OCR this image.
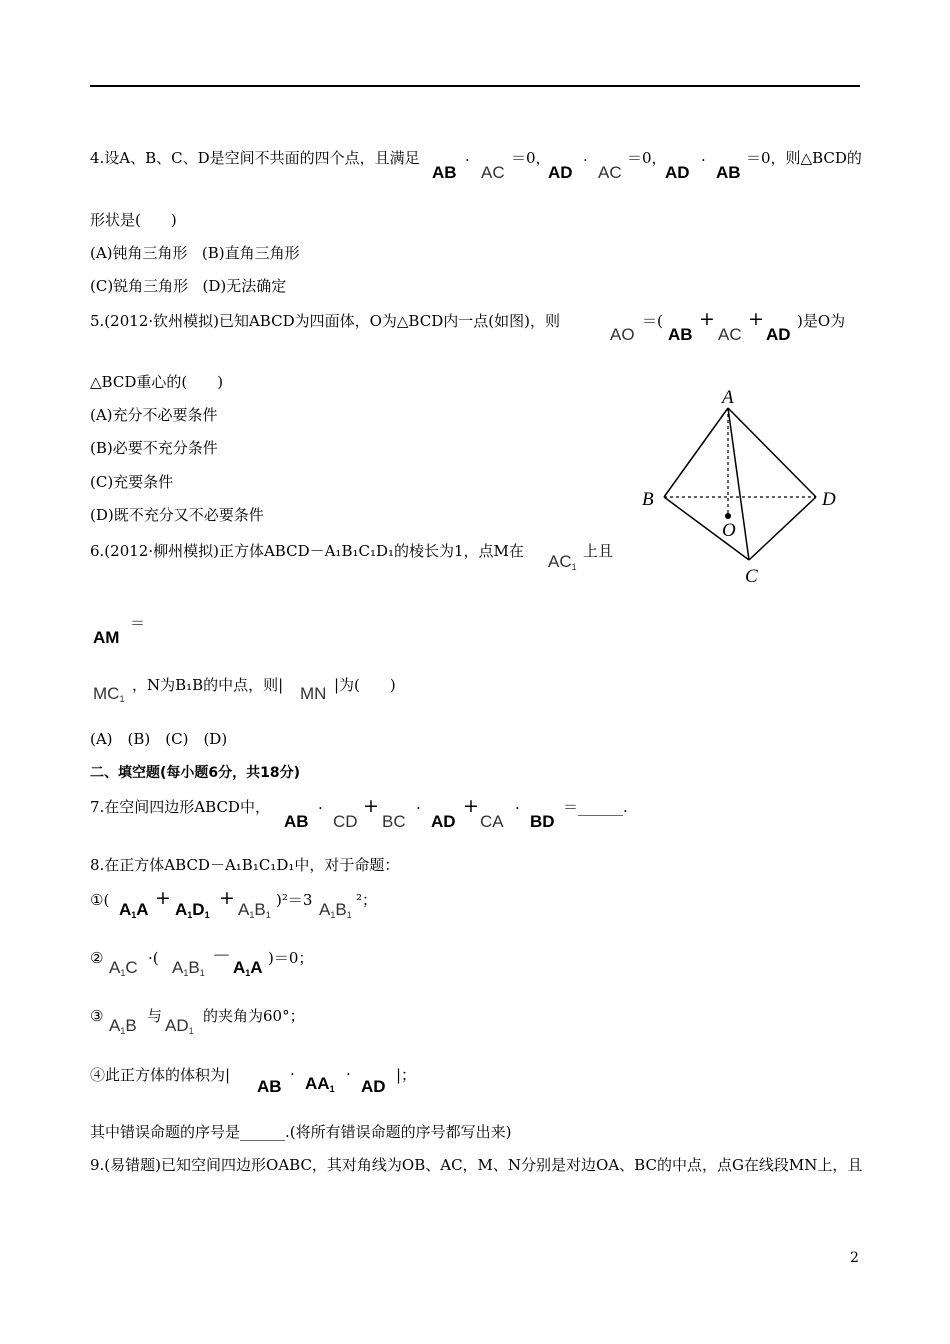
4.设A、B、C、D是空间不共面的四个点，且满足
AB
·
AC
＝0，
AD
·
AC
＝0，
AD
·
AB
＝0，则△BCD的
形状是(　　)
(A)钝角三角形 (B)直角三角形
(C)锐角三角形 (D)无法确定
5.(2012·钦州模拟)已知ABCD为四面体，O为△BCD内一点(如图)，则
AO
＝(
AB
+
AC
+
AD
)是O为
△BCD重心的(　　)
(A)充分不必要条件
(B)必要不充分条件
(C)充要条件
(D)既不充分又不必要条件
A
B	D
O
C
6.(2012·柳州模拟)正方体ABCD－A₁B₁C₁D₁的棱长为1，点M在
$AC_1$
上且
AM
＝
$MC_1$
，N为B₁B的中点，则| MN |为(　　)
(A)　(B)　(C)　(D)
二、填空题(每小题6分，共18分)
7.在空间四边形ABCD中，
AB
·
CD
+
BC
·
AD
+
CA
·
BD
＝______.
8.在正方体ABCD－A₁B₁C₁D₁中，对于命题：
①( $A_1A$
+
$A_1D_1$
+
$A_1B_1$
)²＝3 $A_1B_1$
²；
② $A_1C$ ·( $A_1B_1$
－
$A_1A$ )＝0；
③ $A_1B$ 与 $AD_1$
的夹角为60°；
④此正方体的体积为|
AB
· $AA_1$
·
AD
|；
其中错误命题的序号是______.(将所有错误命题的序号都写出来)
9.(易错题)已知空间四边形OABC，其对角线为OB、AC，M、N分别是对边OA、BC的中点，点G在线段MN上，且
2
